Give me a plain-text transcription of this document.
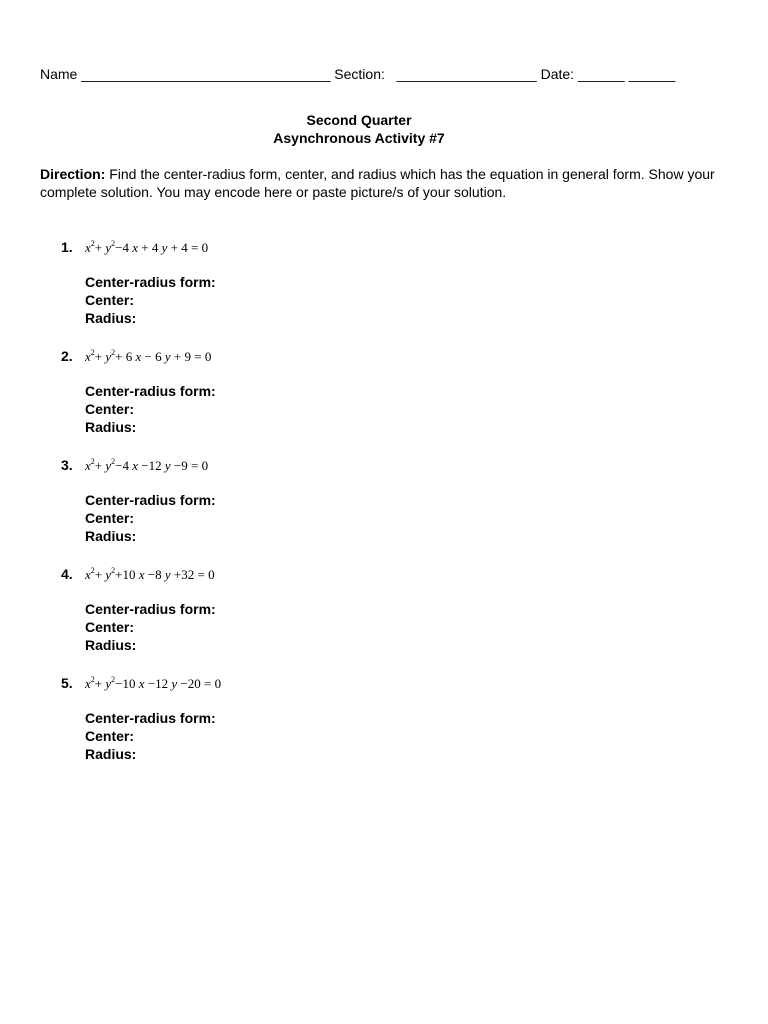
Name ________________________________ Section: __________________ Date: ______ ______
Second Quarter
Asynchronous Activity #7
Direction: Find the center-radius form, center, and radius which has the equation in general form. Show your complete solution. You may encode here or paste picture/s of your solution.
1. $x^2+ y^2-4$ x + 4 y + 4 = 0
Center-radius form:
Center:
Radius:
2. $x^2+ y^2+ 6$ x − 6 y + 9 = 0
Center-radius form:
Center:
Radius:
3. $x^2+ y^2-4$ x −12 y −9 = 0
Center-radius form:
Center:
Radius:
4. $x^2+ y^2+10$ x −8 y +32 = 0
Center-radius form:
Center:
Radius:
5. $x^2+ y^2-10$ x −12 y −20 = 0
Center-radius form:
Center:
Radius:
